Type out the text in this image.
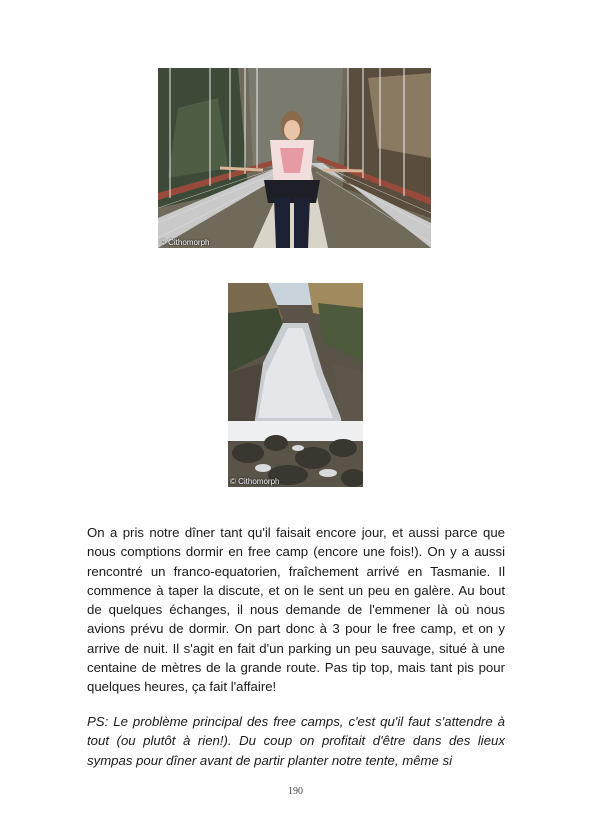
© Cithomorph
© Cithomorph

On a pris notre dîner tant qu'il faisait encore jour, et aussi parce que nous comptions dormir en free camp (encore une fois!). On y a aussi rencontré un franco-equatorien, fraîchement arrivé en Tasmanie. Il commence à taper la discute, et on le sent un peu en galère. Au bout de quelques échanges, il nous demande de l'emmener là où nous avions prévu de dormir. On part donc à 3 pour le free camp, et on y arrive de nuit. Il s'agit en fait d'un parking un peu sauvage, situé à une centaine de mètres de la grande route. Pas tip top, mais tant pis pour quelques heures, ça fait l'affaire!

PS: Le problème principal des free camps, c'est qu'il faut s'attendre à tout (ou plutôt à rien!). Du coup on profitait d'être dans des lieux sympas pour dîner avant de partir planter notre tente, même si

190
